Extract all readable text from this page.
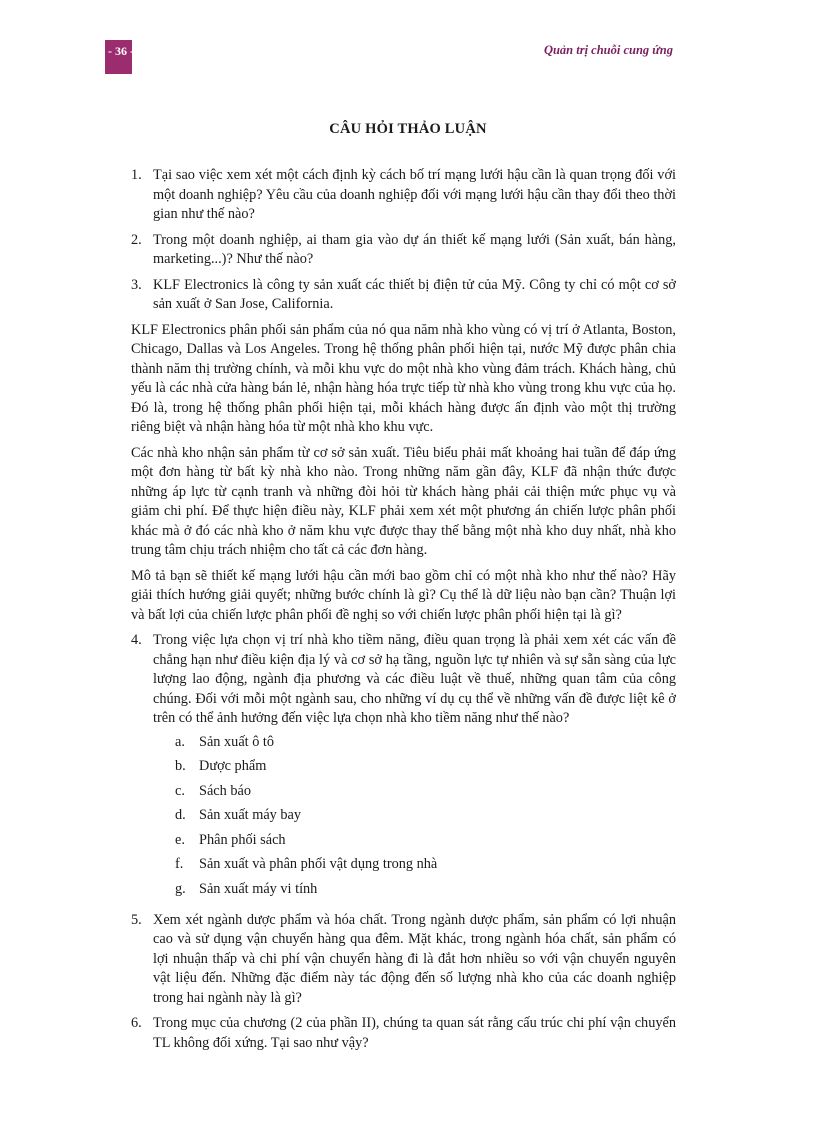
- 36 -	Quản trị chuỗi cung ứng
CÂU HỎI THẢO LUẬN
1. Tại sao việc xem xét một cách định kỳ cách bố trí mạng lưới hậu cần là quan trọng đối với một doanh nghiệp? Yêu cầu của doanh nghiệp đối với mạng lưới hậu cần thay đổi theo thời gian như thế nào?
2. Trong một doanh nghiệp, ai tham gia vào dự án thiết kế mạng lưới (Sản xuất, bán hàng, marketing...)? Như thế nào?
3. KLF Electronics là công ty sản xuất các thiết bị điện tử của Mỹ. Công ty chỉ có một cơ sở sản xuất ở San Jose, California.

KLF Electronics phân phối sản phẩm của nó qua năm nhà kho vùng có vị trí ở Atlanta, Boston, Chicago, Dallas và Los Angeles. Trong hệ thống phân phối hiện tại, nước Mỹ được phân chia thành năm thị trường chính, và mỗi khu vực do một nhà kho vùng đảm trách. Khách hàng, chủ yếu là các nhà cửa hàng bán lẻ, nhận hàng hóa trực tiếp từ nhà kho vùng trong khu vực của họ. Đó là, trong hệ thống phân phối hiện tại, mỗi khách hàng được ấn định vào một thị trường riêng biệt và nhận hàng hóa từ một nhà kho khu vực.

Các nhà kho nhận sản phẩm từ cơ sở sản xuất. Tiêu biểu phải mất khoảng hai tuần để đáp ứng một đơn hàng từ bất kỳ nhà kho nào. Trong những năm gần đây, KLF đã nhận thức được những áp lực từ cạnh tranh và những đòi hỏi từ khách hàng phải cải thiện mức phục vụ và giảm chi phí. Để thực hiện điều này, KLF phải xem xét một phương án chiến lược phân phối khác mà ở đó các nhà kho ở năm khu vực được thay thế bằng một nhà kho duy nhất, nhà kho trung tâm chịu trách nhiệm cho tất cả các đơn hàng.

Mô tả bạn sẽ thiết kế mạng lưới hậu cần mới bao gồm chỉ có một nhà kho như thế nào? Hãy giải thích hướng giải quyết; những bước chính là gì? Cụ thể là dữ liệu nào bạn cần? Thuận lợi và bất lợi của chiến lược phân phối đề nghị so với chiến lược phân phối hiện tại là gì?

4. Trong việc lựa chọn vị trí nhà kho tiềm năng, điều quan trọng là phải xem xét các vấn đề chẳng hạn như điều kiện địa lý và cơ sở hạ tầng, nguồn lực tự nhiên và sự sẵn sàng của lực lượng lao động, ngành địa phương và các điều luật về thuế, những quan tâm của công chúng. Đối với mỗi một ngành sau, cho những ví dụ cụ thể về những vấn đề được liệt kê ở trên có thể ảnh hưởng đến việc lựa chọn nhà kho tiềm năng như thế nào?
a. Sản xuất ô tô
b. Dược phẩm
c. Sách báo
d. Sản xuất máy bay
e. Phân phối sách
f.	Sản xuất và phân phối vật dụng trong nhà
g. Sản xuất máy vi tính
5. Xem xét ngành dược phẩm và hóa chất. Trong ngành dược phẩm, sản phẩm có lợi nhuận cao và sử dụng vận chuyển hàng qua đêm. Mặt khác, trong ngành hóa chất, sản phẩm có lợi nhuận thấp và chi phí vận chuyển hàng đi là đắt hơn nhiều so với vận chuyển nguyên vật liệu đến. Những đặc điểm này tác động đến số lượng nhà kho của các doanh nghiệp trong hai ngành này là gì?
6. Trong mục của chương (2 của phần II), chúng ta quan sát rằng cấu trúc chi phí vận chuyển TL không đối xứng. Tại sao như vậy?
